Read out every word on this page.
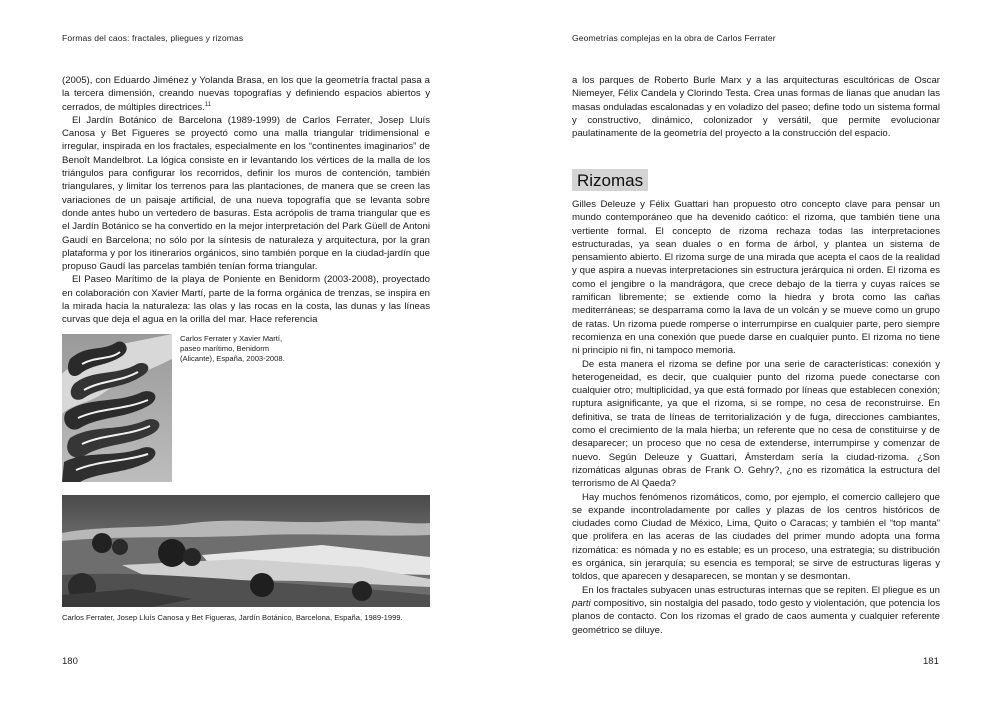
Formas del caos: fractales, pliegues y rizomas

(2005), con Eduardo Jiménez y Yolanda Brasa, en los que la geometría fractal pasa a la tercera dimensión, creando nuevas topografías y definiendo espacios abiertos y cerrados, de múltiples directrices.$^{11}$

El Jardín Botánico de Barcelona (1989-1999) de Carlos Ferrater, Josep Lluís Canosa y Bet Figueres se proyectó como una malla triangular tridimensional e irregular, inspirada en los fractales, especialmente en los “continentes imaginarios” de Benoît Mandelbrot. La lógica consiste en ir levantando los vértices de la malla de los triángulos para configurar los recorridos, definir los muros de contención, también triangulares, y limitar los terrenos para las plantaciones, de manera que se creen las variaciones de un paisaje artificial, de una nueva topografía que se levanta sobre donde antes hubo un vertedero de basuras. Esta acrópolis de trama triangular que es el Jardín Botánico se ha convertido en la mejor interpretación del Park Güell de Antoni Gaudí en Barcelona; no sólo por la síntesis de naturaleza y arquitectura, por la gran plataforma y por los itinerarios orgánicos, sino también porque en la ciudad-jardín que propuso Gaudí las parcelas también tenían forma triangular.

El Paseo Marítimo de la playa de Poniente en Benidorm (2003-2008), proyectado en colaboración con Xavier Martí, parte de la forma orgánica de trenzas, se inspira en la mirada hacia la naturaleza: las olas y las rocas en la costa, las dunas y las líneas curvas que deja el agua en la orilla del mar. Hace referencia

Carlos Ferrater y Xavier Martí, paseo marítimo, Benidorm (Alicante), España, 2003-2008.
Carlos Ferrater, Josep Lluís Canosa y Bet Figueras, Jardín Botánico, Barcelona, España, 1989-1999.
180
Geometrías complejas en la obra de Carlos Ferrater

a los parques de Roberto Burle Marx y a las arquitecturas escultóricas de Oscar Niemeyer, Félix Candela y Clorindo Testa. Crea unas formas de lianas que anudan las masas onduladas escalonadas y en voladizo del paseo; define todo un sistema formal y constructivo, dinámico, colonizador y versátil, que permite evolucionar paulatinamente de la geometría del proyecto a la construcción del espacio.

Rizomas

Gilles Deleuze y Félix Guattari han propuesto otro concepto clave para pensar un mundo contemporáneo que ha devenido caótico: el rizoma, que también tiene una vertiente formal. El concepto de rizoma rechaza todas las interpretaciones estructuradas, ya sean duales o en forma de árbol, y plantea un sistema de pensamiento abierto. El rizoma surge de una mirada que acepta el caos de la realidad y que aspira a nuevas interpretaciones sin estructura jerárquica ni orden. El rizoma es como el jengibre o la mandrágora, que crece debajo de la tierra y cuyas raíces se ramifican libremente; se extiende como la hiedra y brota como las cañas mediterráneas; se desparrama como la lava de un volcán y se mueve como un grupo de ratas. Un rizoma puede romperse o interrumpirse en cualquier parte, pero siempre recomienza en una conexión que puede darse en cualquier punto. El rizoma no tiene ni principio ni fin, ni tampoco memoria.

De esta manera el rizoma se define por una serie de características: conexión y heterogeneidad, es decir, que cualquier punto del rizoma puede conectarse con cualquier otro; multiplicidad, ya que está formado por líneas que establecen conexión; ruptura asignificante, ya que el rizoma, si se rompe, no cesa de reconstruirse. En definitiva, se trata de líneas de territorialización y de fuga, direcciones cambiantes, como el crecimiento de la mala hierba; un referente que no cesa de constituirse y de desaparecer; un proceso que no cesa de extenderse, interrumpirse y comenzar de nuevo. Según Deleuze y Guattari, Ámsterdam sería la ciudad-rizoma. ¿Son rizomáticas algunas obras de Frank O. Gehry?, ¿no es rizomática la estructura del terrorismo de Al Qaeda?

Hay muchos fenómenos rizomáticos, como, por ejemplo, el comercio callejero que se expande incontroladamente por calles y plazas de los centros históricos de ciudades como Ciudad de México, Lima, Quito o Caracas; y también el “top manta” que prolifera en las aceras de las ciudades del primer mundo adopta una forma rizomática: es nómada y no es estable; es un proceso, una estrategia; su distribución es orgánica, sin jerarquía; su esencia es temporal; se sirve de estructuras ligeras y toldos, que aparecen y desaparecen, se montan y se desmontan.

En los fractales subyacen unas estructuras internas que se repiten. El pliegue es un parti compositivo, sin nostalgia del pasado, todo gesto y violentación, que potencia los planos de contacto. Con los rizomas el grado de caos aumenta y cualquier referente geométrico se diluye.

181
